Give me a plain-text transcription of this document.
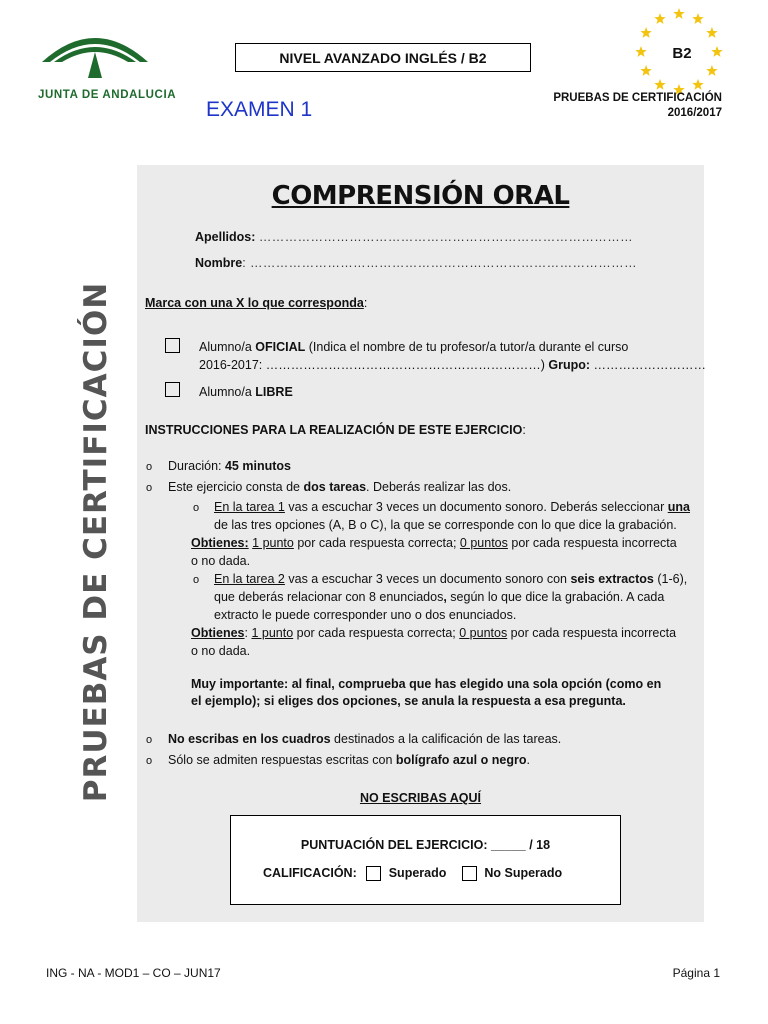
JUNTA DE ANDALUCIA
NIVEL AVANZADO INGLÉS / B2
EXAMEN 1
B2
PRUEBAS DE CERTIFICACIÓN
2016/2017
PRUEBAS DE CERTIFICACIÓN
COMPRENSIÓN ORAL
Apellidos: ……………………………………………………………………………
Nombre: ………………………………………………………………………………
Marca con una X lo que corresponda:
Alumno/a OFICIAL (Indica el nombre de tu profesor/a tutor/a durante el curso
2016-2017: …………………………………………………………) Grupo: ………………………
Alumno/a LIBRE
INSTRUCCIONES PARA LA REALIZACIÓN DE ESTE EJERCICIO:
o Duración: 45 minutos
o Este ejercicio consta de dos tareas. Deberás realizar las dos.
o En la tarea 1 vas a escuchar 3 veces un documento sonoro. Deberás seleccionar una
de las tres opciones (A, B o C), la que se corresponde con lo que dice la grabación.
Obtienes: 1 punto por cada respuesta correcta; 0 puntos por cada respuesta incorrecta
o no dada.
o En la tarea 2 vas a escuchar 3 veces un documento sonoro con seis extractos (1-6),
que deberás relacionar con 8 enunciados, según lo que dice la grabación. A cada
extracto le puede corresponder uno o dos enunciados.
Obtienes: 1 punto por cada respuesta correcta; 0 puntos por cada respuesta incorrecta
o no dada.
Muy importante: al final, comprueba que has elegido una sola opción (como en
el ejemplo); si eliges dos opciones, se anula la respuesta a esa pregunta.
o No escribas en los cuadros destinados a la calificación de las tareas.
o Sólo se admiten respuestas escritas con bolígrafo azul o negro.
NO ESCRIBAS AQUÍ
PUNTUACIÓN DEL EJERCICIO: _____ / 18
CALIFICACIÓN:	Superado	No Superado
ING - NA - MOD1 – CO – JUN17	Página 1
